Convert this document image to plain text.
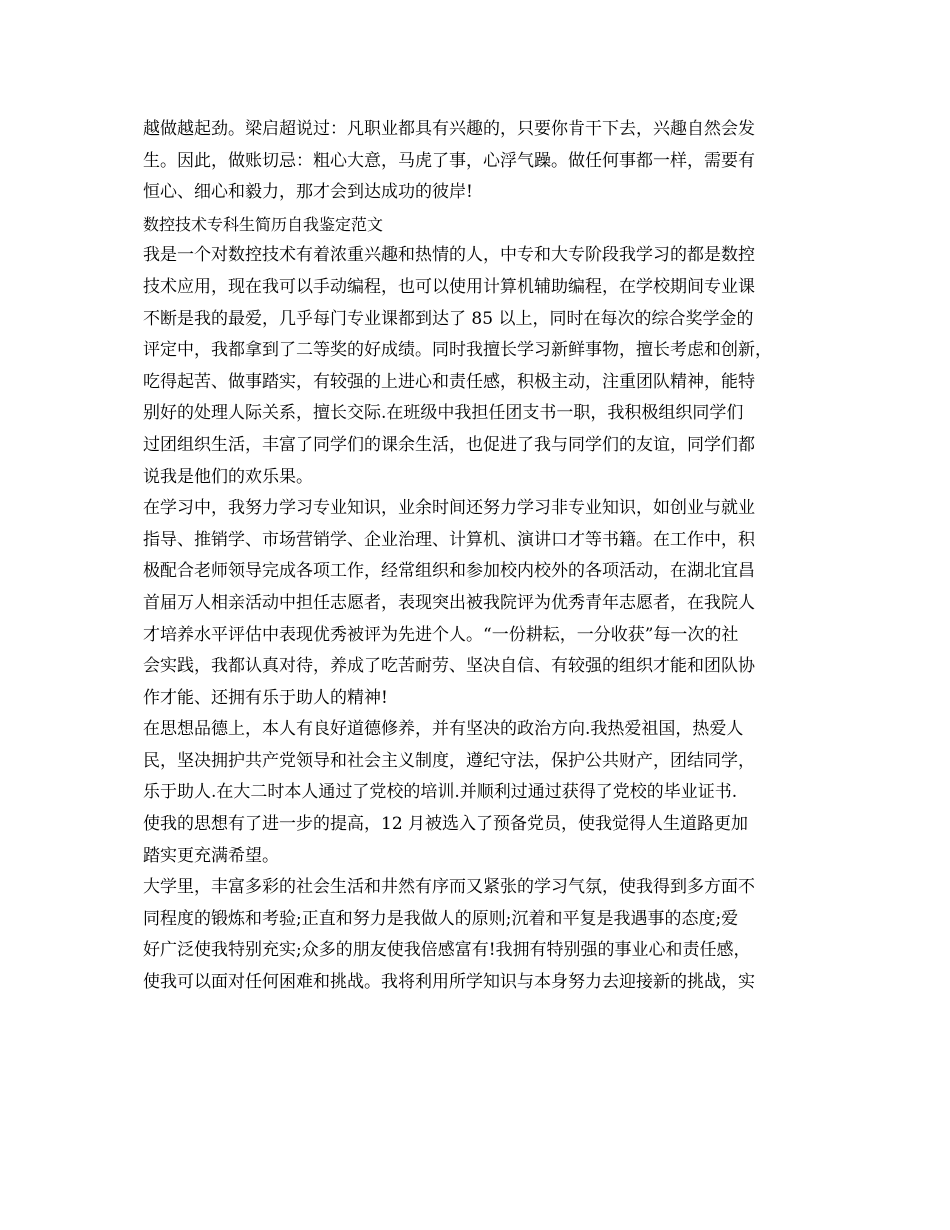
越做越起劲。梁启超说过：凡职业都具有兴趣的，只要你肯干下去，兴趣自然会发
生。因此，做账切忌：粗心大意，马虎了事，心浮气躁。做任何事都一样，需要有
恒心、细心和毅力，那才会到达成功的彼岸!
数控技术专科生简历自我鉴定范文
我是一个对数控技术有着浓重兴趣和热情的人，中专和大专阶段我学习的都是数控
技术应用，现在我可以手动编程，也可以使用计算机辅助编程，在学校期间专业课
不断是我的最爱，几乎每门专业课都到达了 85 以上，同时在每次的综合奖学金的
评定中，我都拿到了二等奖的好成绩。同时我擅长学习新鲜事物，擅长考虑和创新，
吃得起苦、做事踏实，有较强的上进心和责任感，积极主动，注重团队精神，能特
别好的处理人际关系，擅长交际.在班级中我担任团支书一职，我积极组织同学们
过团组织生活，丰富了同学们的课余生活，也促进了我与同学们的友谊，同学们都
说我是他们的欢乐果。
在学习中，我努力学习专业知识，业余时间还努力学习非专业知识，如创业与就业
指导、推销学、市场营销学、企业治理、计算机、演讲口才等书籍。在工作中，积
极配合老师领导完成各项工作，经常组织和参加校内校外的各项活动，在湖北宜昌
首届万人相亲活动中担任志愿者，表现突出被我院评为优秀青年志愿者，在我院人
才培养水平评估中表现优秀被评为先进个人。“一份耕耘，一分收获”每一次的社
会实践，我都认真对待，养成了吃苦耐劳、坚决自信、有较强的组织才能和团队协
作才能、还拥有乐于助人的精神!
在思想品德上，本人有良好道德修养，并有坚决的政治方向.我热爱祖国，热爱人
民，坚决拥护共产党领导和社会主义制度，遵纪守法，保护公共财产，团结同学，
乐于助人.在大二时本人通过了党校的培训.并顺利过通过获得了党校的毕业证书.
使我的思想有了进一步的提高，12 月被选入了预备党员，使我觉得人生道路更加
踏实更充满希望。
大学里，丰富多彩的社会生活和井然有序而又紧张的学习气氛，使我得到多方面不
同程度的锻炼和考验;正直和努力是我做人的原则;沉着和平复是我遇事的态度;爱
好广泛使我特别充实;众多的朋友使我倍感富有!我拥有特别强的事业心和责任感，
使我可以面对任何困难和挑战。我将利用所学知识与本身努力去迎接新的挑战，实
